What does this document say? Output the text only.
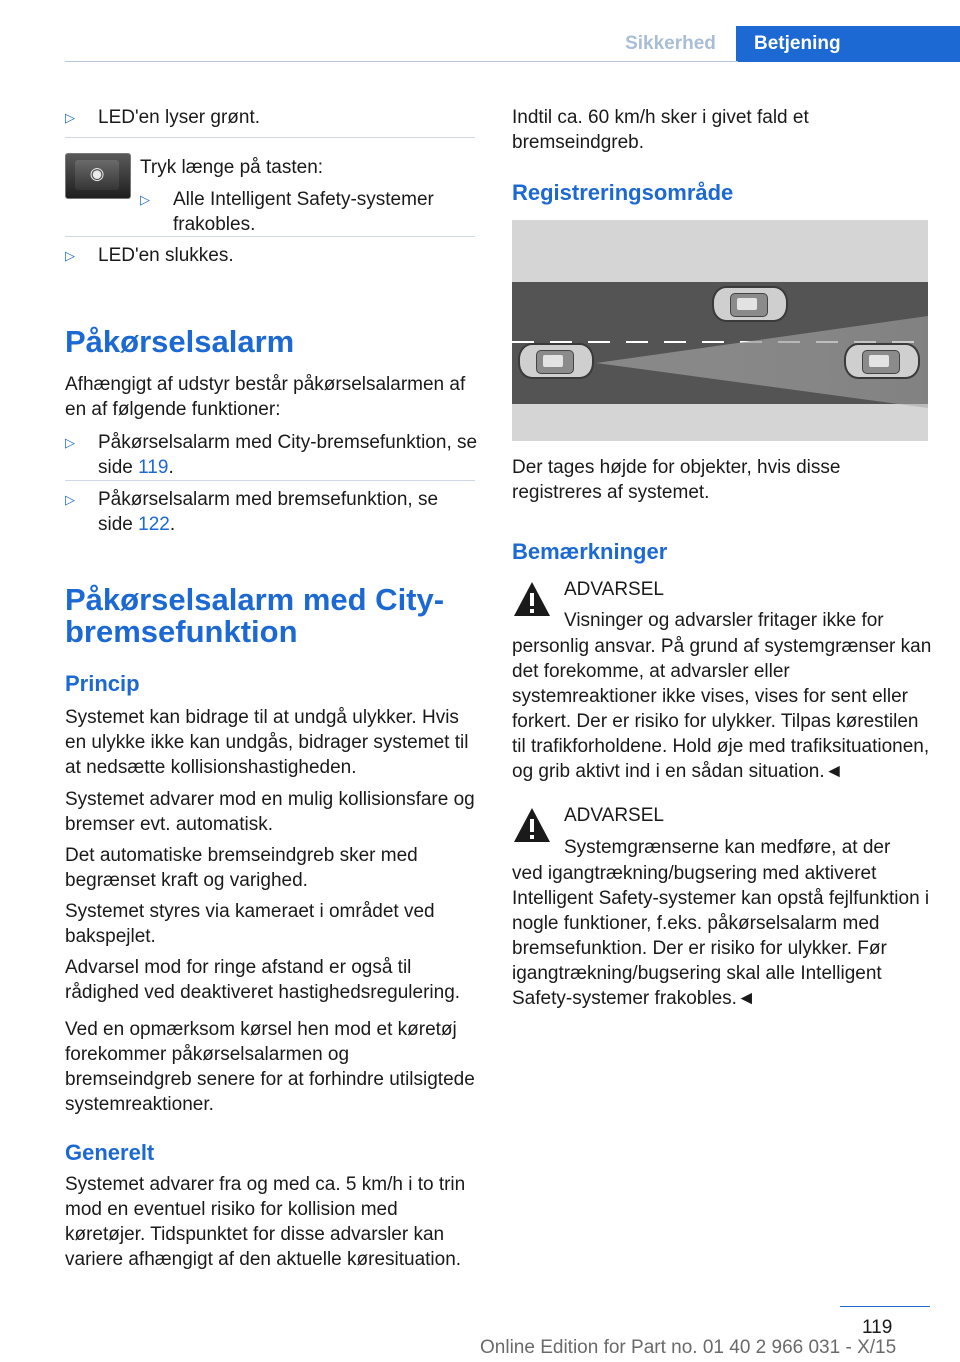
Sikkerhed	Betjening
▷ LED'en lyser grønt.
◉ Tryk længe på tasten:
▷ Alle Intelligent Safety-systemer frakobles.
▷ LED'en slukkes.
Påkørselsalarm
Afhængigt af udstyr består påkørselsalarmen af en af følgende funktioner:
▷ Påkørselsalarm med City-bremsefunktion, se side 119.
▷ Påkørselsalarm med bremsefunktion, se side 122.
Påkørselsalarm med City-
bremsefunktion
Princip
Systemet kan bidrage til at undgå ulykker. Hvis en ulykke ikke kan undgås, bidrager systemet til at nedsætte kollisionshastigheden.
Systemet advarer mod en mulig kollisionsfare og bremser evt. automatisk.
Det automatiske bremseindgreb sker med begrænset kraft og varighed.
Systemet styres via kameraet i området ved bakspejlet.
Advarsel mod for ringe afstand er også til rådighed ved deaktiveret hastighedsregulering.
Ved en opmærksom kørsel hen mod et køretøj forekommer påkørselsalarmen og bremseindgreb senere for at forhindre utilsigtede systemreaktioner.
Generelt
Systemet advarer fra og med ca. 5 km/h i to trin mod en eventuel risiko for kollision med køretøjer. Tidspunktet for disse advarsler kan variere afhængigt af den aktuelle køresituation.
Indtil ca. 60 km/h sker i givet fald et bremseindgreb.
Registreringsområde
Der tages højde for objekter, hvis disse registreres af systemet.
Bemærkninger
ADVARSEL
Visninger og advarsler fritager ikke for
personlig ansvar. På grund af systemgrænser kan det forekomme, at advarsler eller systemreaktioner ikke vises, vises for sent eller forkert. Der er risiko for ulykker. Tilpas kørestilen til trafikforholdene. Hold øje med trafiksituationen, og grib aktivt ind i en sådan situation.◄
ADVARSEL
Systemgrænserne kan medføre, at der
ved igangtrækning/bugsering med aktiveret Intelligent Safety-systemer kan opstå fejlfunktion i nogle funktioner, f.eks. påkørselsalarm med bremsefunktion. Der er risiko for ulykker. Før igangtrækning/bugsering skal alle Intelligent Safety-systemer frakobles.◄
119
Online Edition for Part no. 01 40 2 966 031 - X/15
